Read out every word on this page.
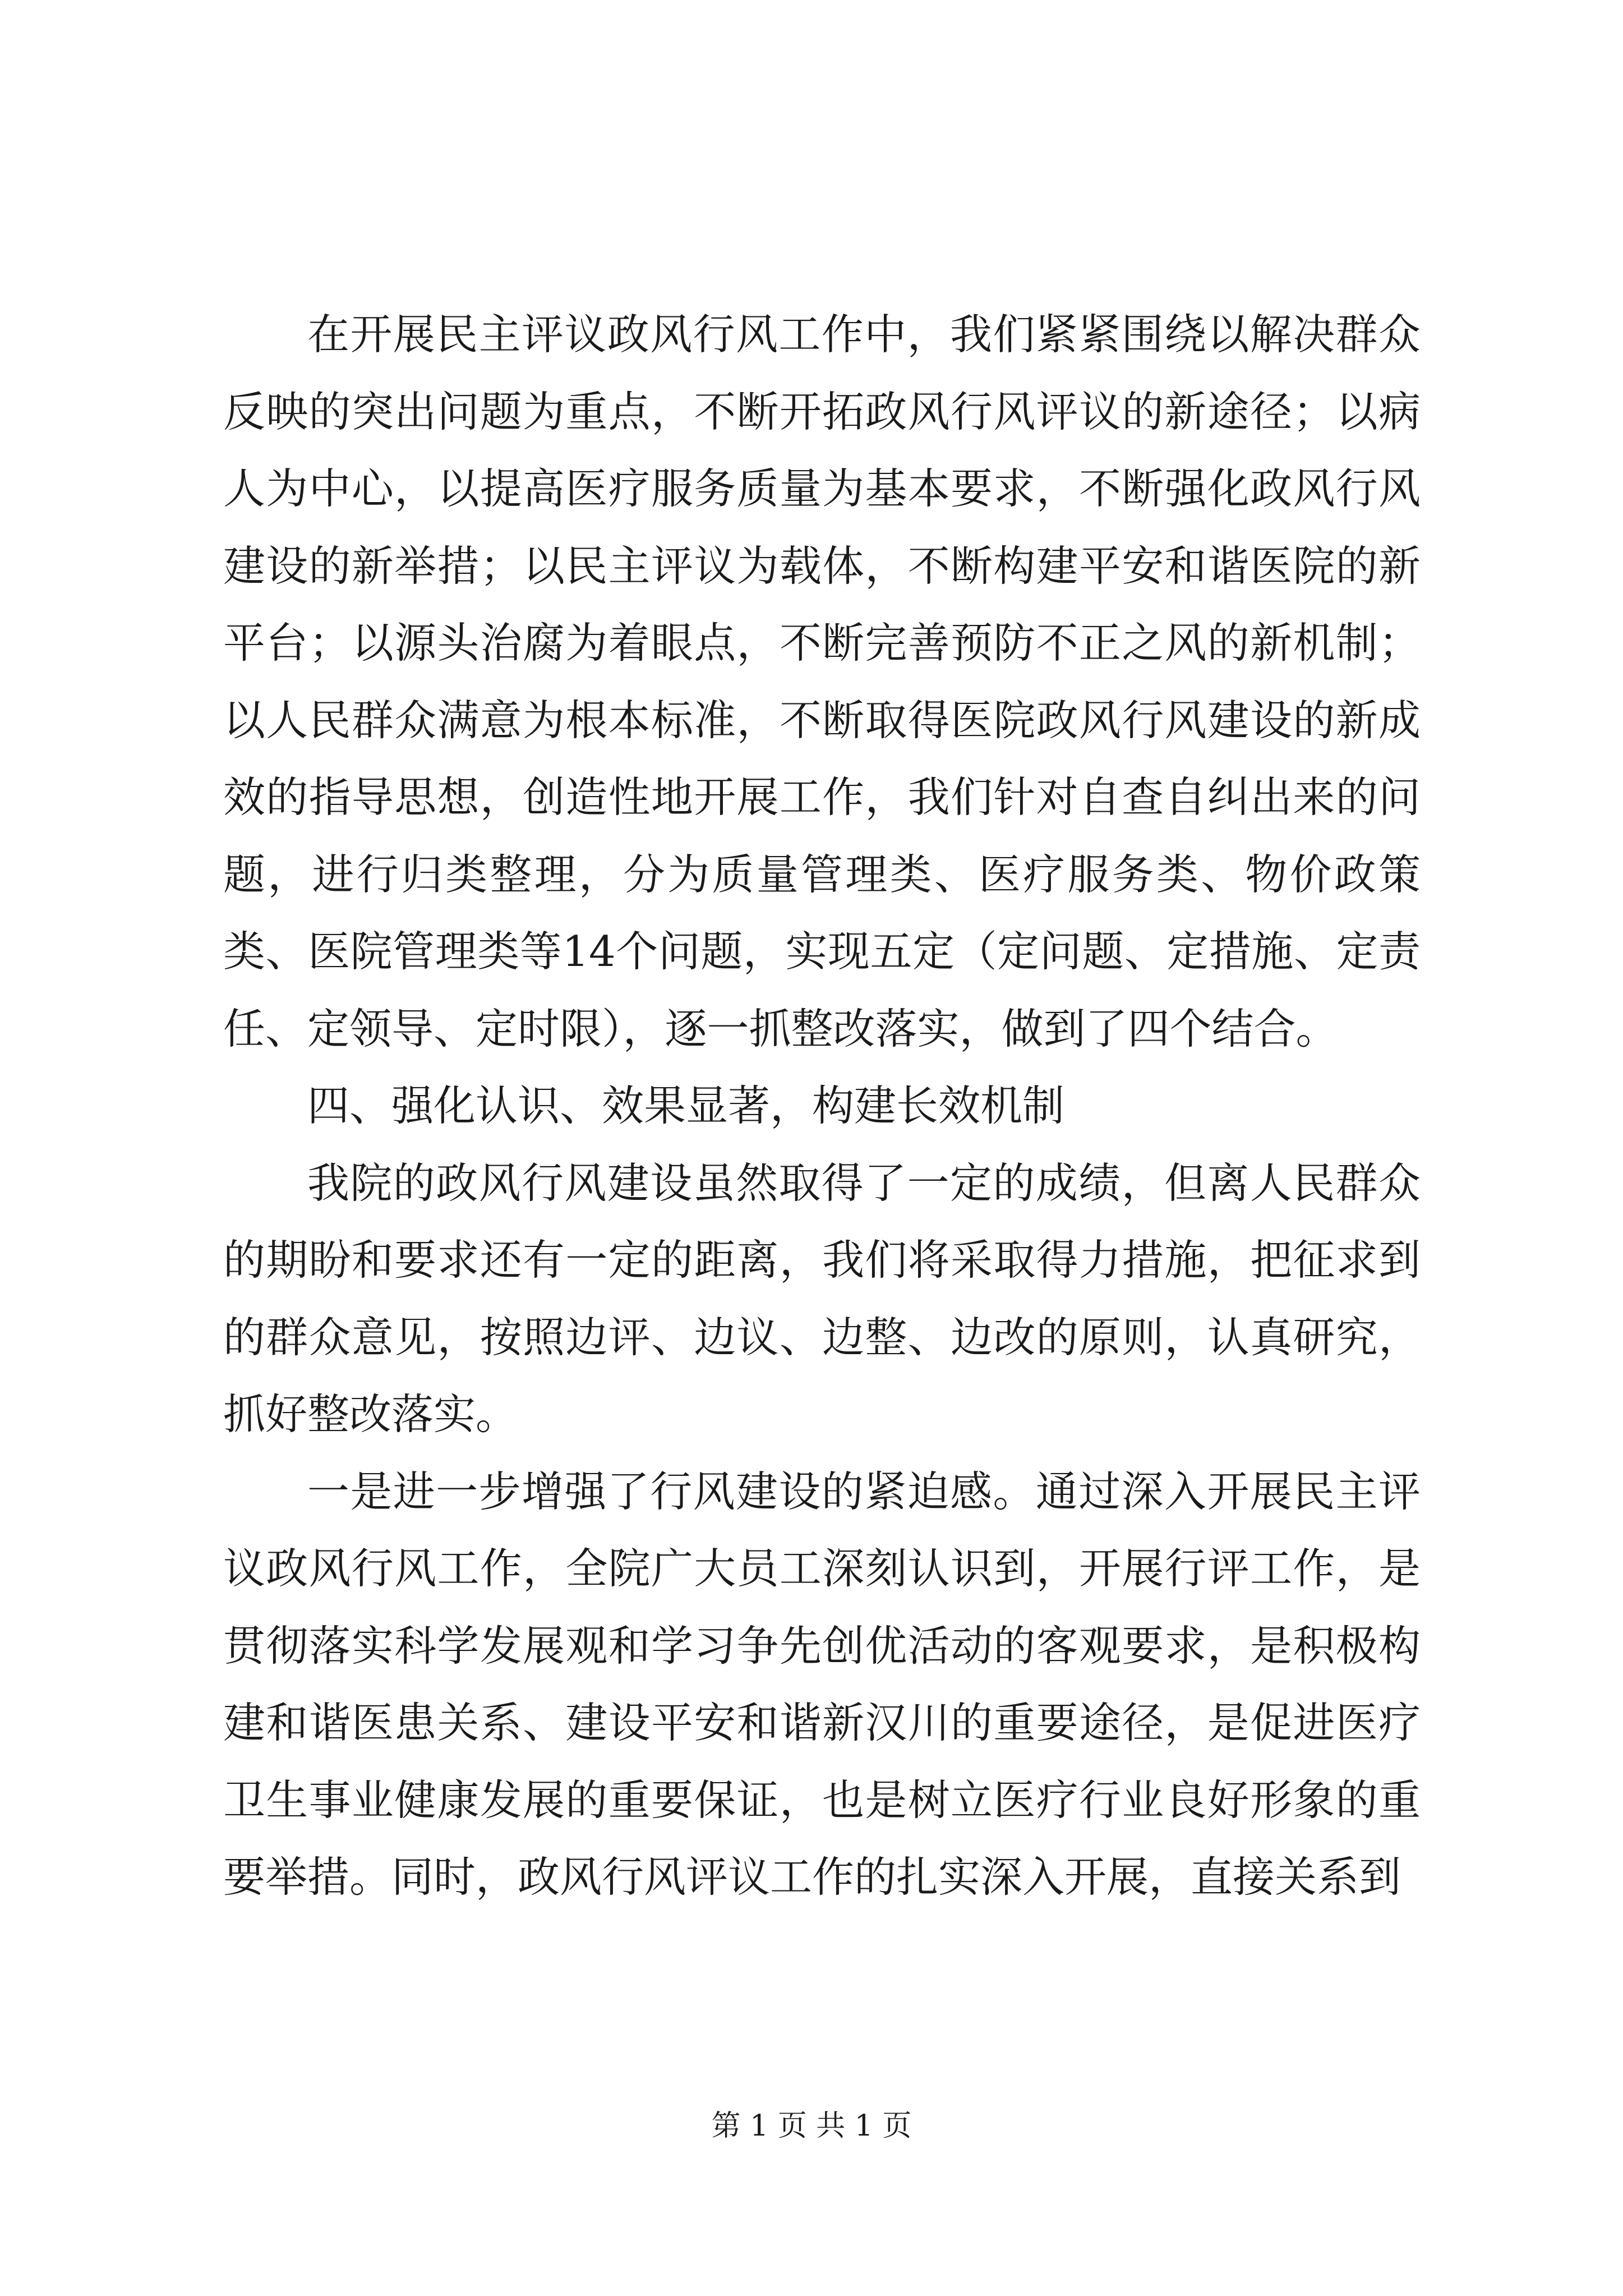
在开展民主评议政风行风工作中，我们紧紧围绕以解决群众反映的突出问题为重点，不断开拓政风行风评议的新途径；以病人为中心，以提高医疗服务质量为基本要求，不断强化政风行风建设的新举措；以民主评议为载体，不断构建平安和谐医院的新平台；以源头治腐为着眼点，不断完善预防不正之风的新机制；以人民群众满意为根本标准，不断取得医院政风行风建设的新成效的指导思想，创造性地开展工作，我们针对自查自纠出来的问题，进行归类整理，分为质量管理类、医疗服务类、物价政策类、医院管理类等14个问题，实现五定（定问题、定措施、定责任、定领导、定时限），逐一抓整改落实，做到了四个结合。

四、强化认识、效果显著，构建长效机制

我院的政风行风建设虽然取得了一定的成绩，但离人民群众的期盼和要求还有一定的距离，我们将采取得力措施，把征求到的群众意见，按照边评、边议、边整、边改的原则，认真研究，抓好整改落实。

一是进一步增强了行风建设的紧迫感。通过深入开展民主评议政风行风工作，全院广大员工深刻认识到，开展行评工作，是贯彻落实科学发展观和学习争先创优活动的客观要求，是积极构建和谐医患关系、建设平安和谐新汉川的重要途径，是促进医疗卫生事业健康发展的重要保证，也是树立医疗行业良好形象的重要举措。同时，政风行风评议工作的扎实深入开展，直接关系到

第 1 页 共 1 页
